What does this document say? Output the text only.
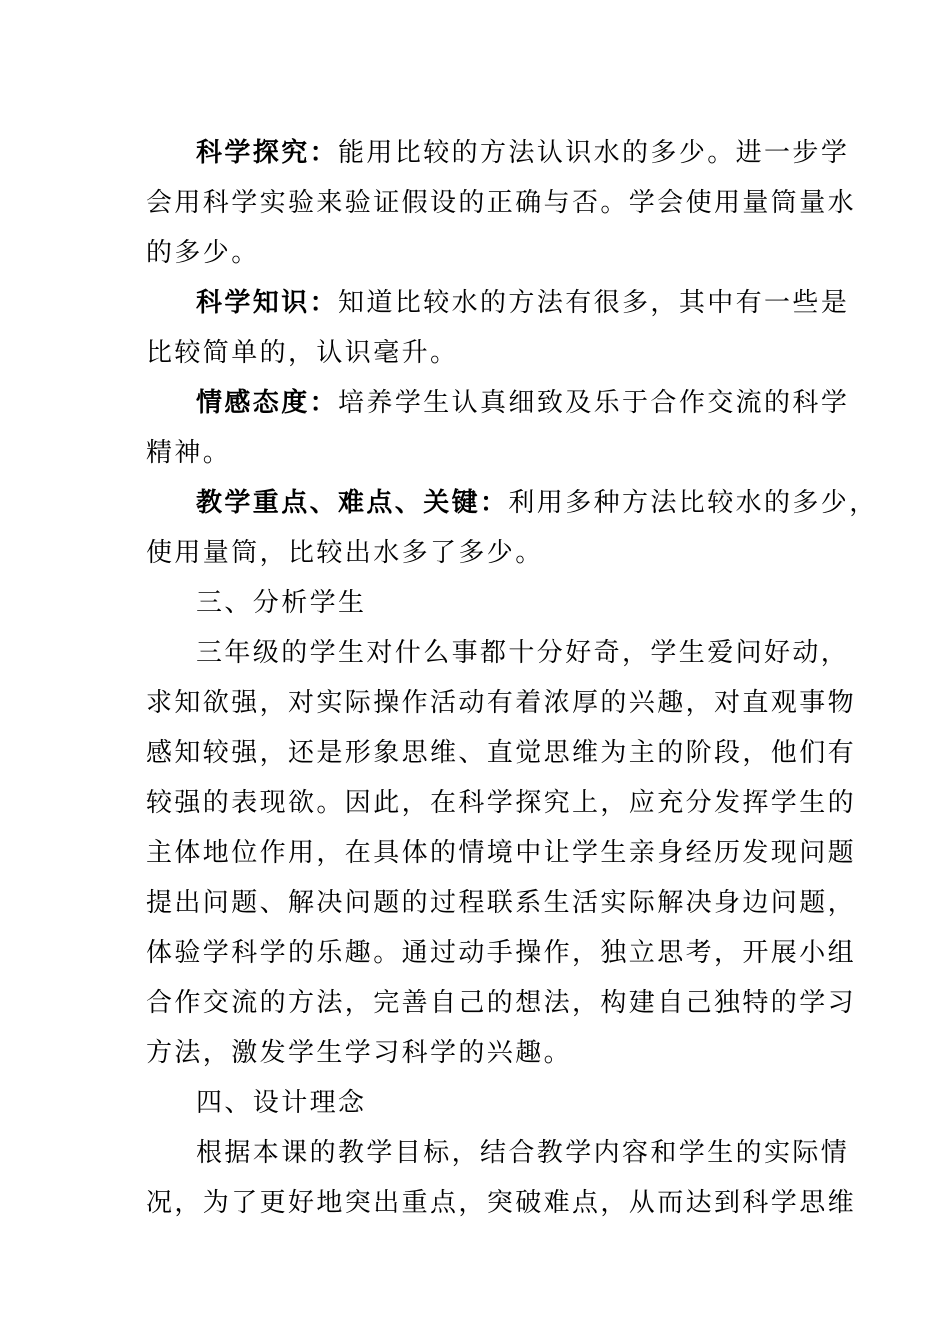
科学探究：能用比较的方法认识水的多少。进一步学
会用科学实验来验证假设的正确与否。学会使用量筒量水
的多少。
科学知识：知道比较水的方法有很多，其中有一些是
比较简单的，认识毫升。
情感态度：培养学生认真细致及乐于合作交流的科学
精神。
教学重点、难点、关键：利用多种方法比较水的多少，
使用量筒，比较出水多了多少。
三、分析学生
三年级的学生对什么事都十分好奇，学生爱问好动，
求知欲强，对实际操作活动有着浓厚的兴趣，对直观事物
感知较强，还是形象思维、直觉思维为主的阶段，他们有
较强的表现欲。因此，在科学探究上，应充分发挥学生的
主体地位作用，在具体的情境中让学生亲身经历发现问题
提出问题、解决问题的过程联系生活实际解决身边问题，
体验学科学的乐趣。通过动手操作，独立思考，开展小组
合作交流的方法，完善自己的想法，构建自己独特的学习
方法，激发学生学习科学的兴趣。
四、设计理念
根据本课的教学目标，结合教学内容和学生的实际情
况，为了更好地突出重点，突破难点，从而达到科学思维
